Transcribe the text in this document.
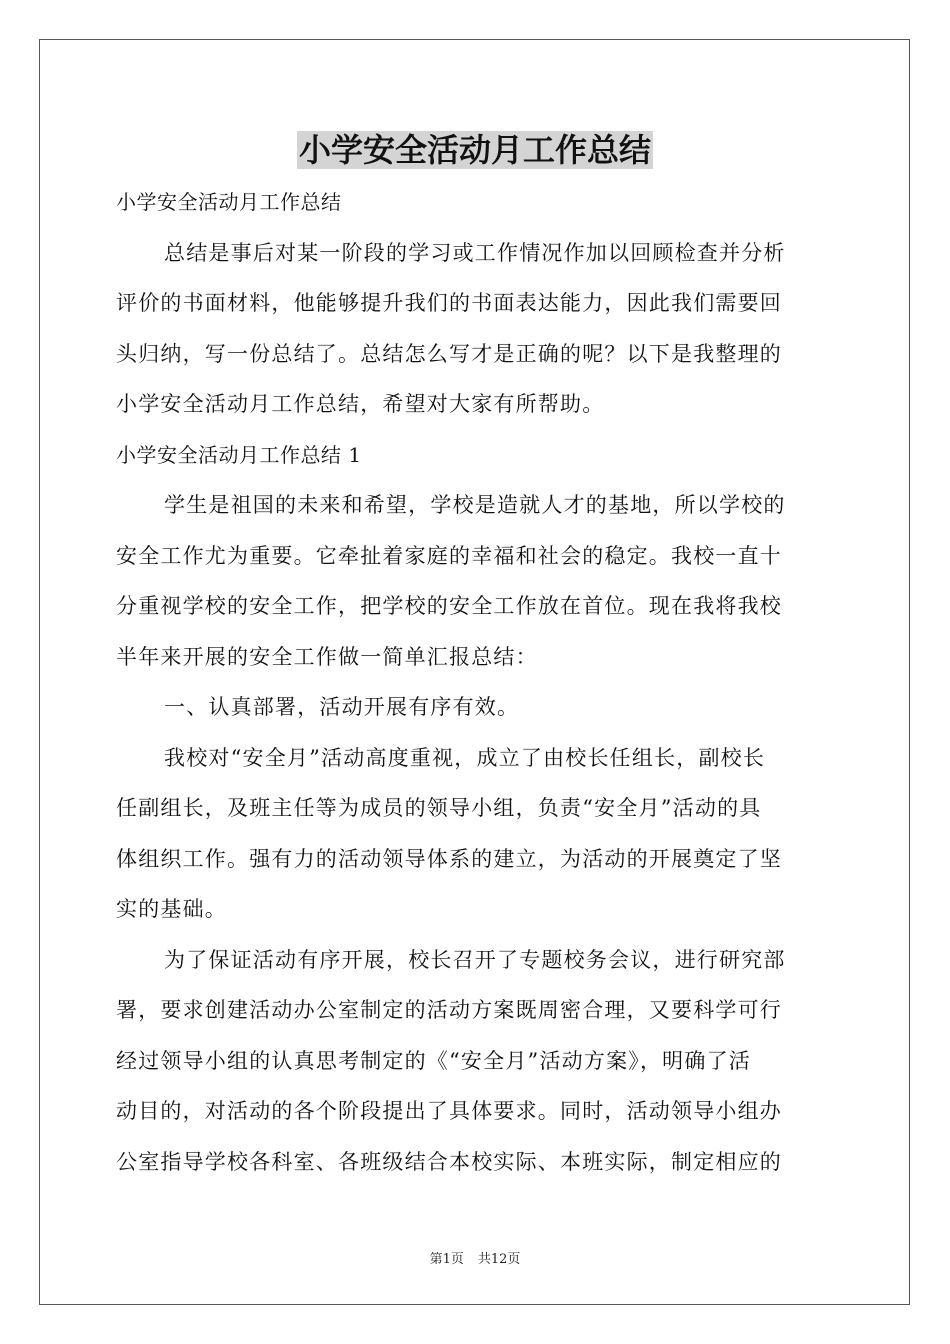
小学安全活动月工作总结
小学安全活动月工作总结
总结是事后对某一阶段的学习或工作情况作加以回顾检查并分析
评价的书面材料，他能够提升我们的书面表达能力，因此我们需要回
头归纳，写一份总结了。总结怎么写才是正确的呢？以下是我整理的
小学安全活动月工作总结，希望对大家有所帮助。
小学安全活动月工作总结 1
学生是祖国的未来和希望，学校是造就人才的基地，所以学校的
安全工作尤为重要。它牵扯着家庭的幸福和社会的稳定。我校一直十
分重视学校的安全工作，把学校的安全工作放在首位。现在我将我校
半年来开展的安全工作做一简单汇报总结：
一、认真部署，活动开展有序有效。
我校对“安全月”活动高度重视，成立了由校长任组长，副校长
任副组长，及班主任等为成员的领导小组，负责“安全月”活动的具
体组织工作。强有力的活动领导体系的建立，为活动的开展奠定了坚
实的基础。
为了保证活动有序开展，校长召开了专题校务会议，进行研究部
署，要求创建活动办公室制定的活动方案既周密合理，又要科学可行
经过领导小组的认真思考制定的《“安全月”活动方案》，明确了活
动目的，对活动的各个阶段提出了具体要求。同时，活动领导小组办
公室指导学校各科室、各班级结合本校实际、本班实际，制定相应的
第1页 共12页
